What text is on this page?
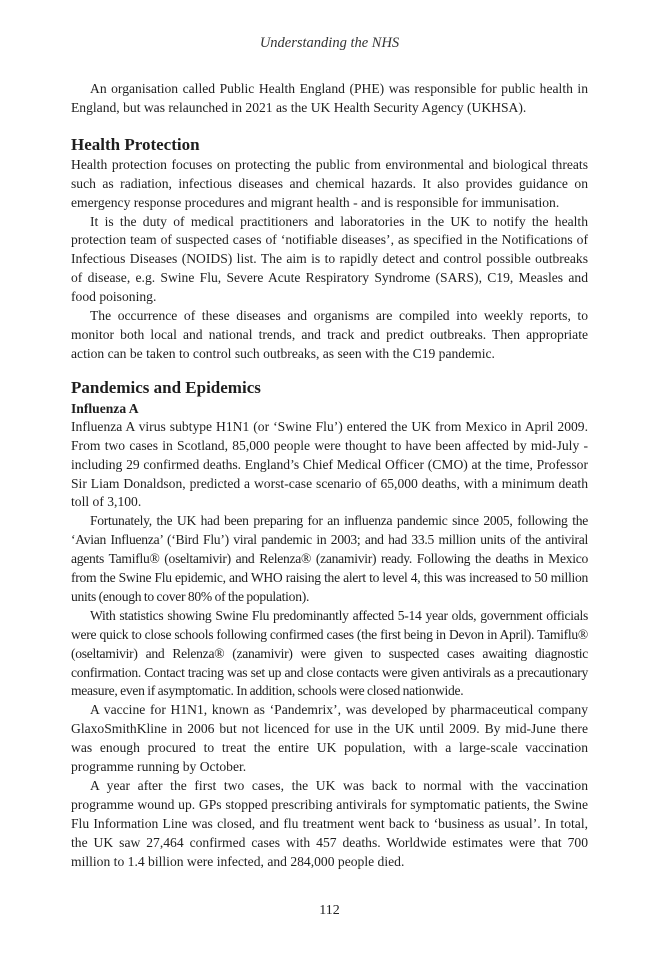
Understanding the NHS

An organisation called Public Health England (PHE) was responsible for public health in England, but was relaunched in 2021 as the UK Health Security Agency (UKHSA).

Health Protection

Health protection focuses on protecting the public from environmental and biological threats such as radiation, infectious diseases and chemical hazards. It also provides guidance on emergency response procedures and migrant health - and is responsible for immunisation.

It is the duty of medical practitioners and laboratories in the UK to notify the health protection team of suspected cases of ‘notifiable diseases’, as specified in the Notifications of Infectious Diseases (NOIDS) list. The aim is to rapidly detect and control possible outbreaks of disease, e.g. Swine Flu, Severe Acute Respiratory Syndrome (SARS), C19, Measles and food poisoning.

The occurrence of these diseases and organisms are compiled into weekly reports, to monitor both local and national trends, and track and predict outbreaks. Then appropriate action can be taken to control such outbreaks, as seen with the C19 pandemic.

Pandemics and Epidemics
Influenza A

Influenza A virus subtype H1N1 (or ‘Swine Flu’) entered the UK from Mexico in April 2009. From two cases in Scotland, 85,000 people were thought to have been affected by mid-July - including 29 confirmed deaths. England’s Chief Medical Officer (CMO) at the time, Professor Sir Liam Donaldson, predicted a worst-case scenario of 65,000 deaths, with a minimum death toll of 3,100.

Fortunately, the UK had been preparing for an influenza pandemic since 2005, following the ‘Avian Influenza’ (‘Bird Flu’) viral pandemic in 2003; and had 33.5 million units of the antiviral agents Tamiflu® (oseltamivir) and Relenza® (zanamivir) ready. Following the deaths in Mexico from the Swine Flu epidemic, and WHO raising the alert to level 4, this was increased to 50 million units (enough to cover 80% of the population).

With statistics showing Swine Flu predominantly affected 5-14 year olds, government officials were quick to close schools following confirmed cases (the first being in Devon in April). Tamiflu® (oseltamivir) and Relenza® (zanamivir) were given to suspected cases awaiting diagnostic confirmation. Contact tracing was set up and close contacts were given antivirals as a precautionary measure, even if asymptomatic. In addition, schools were closed nationwide.

A vaccine for H1N1, known as ‘Pandemrix’, was developed by pharmaceutical company GlaxoSmithKline in 2006 but not licenced for use in the UK until 2009. By mid-June there was enough procured to treat the entire UK population, with a large-scale vaccination programme running by October.

A year after the first two cases, the UK was back to normal with the vaccination programme wound up. GPs stopped prescribing antivirals for symptomatic patients, the Swine Flu Information Line was closed, and flu treatment went back to ‘business as usual’. In total, the UK saw 27,464 confirmed cases with 457 deaths. Worldwide estimates were that 700 million to 1.4 billion were infected, and 284,000 people died.

112
